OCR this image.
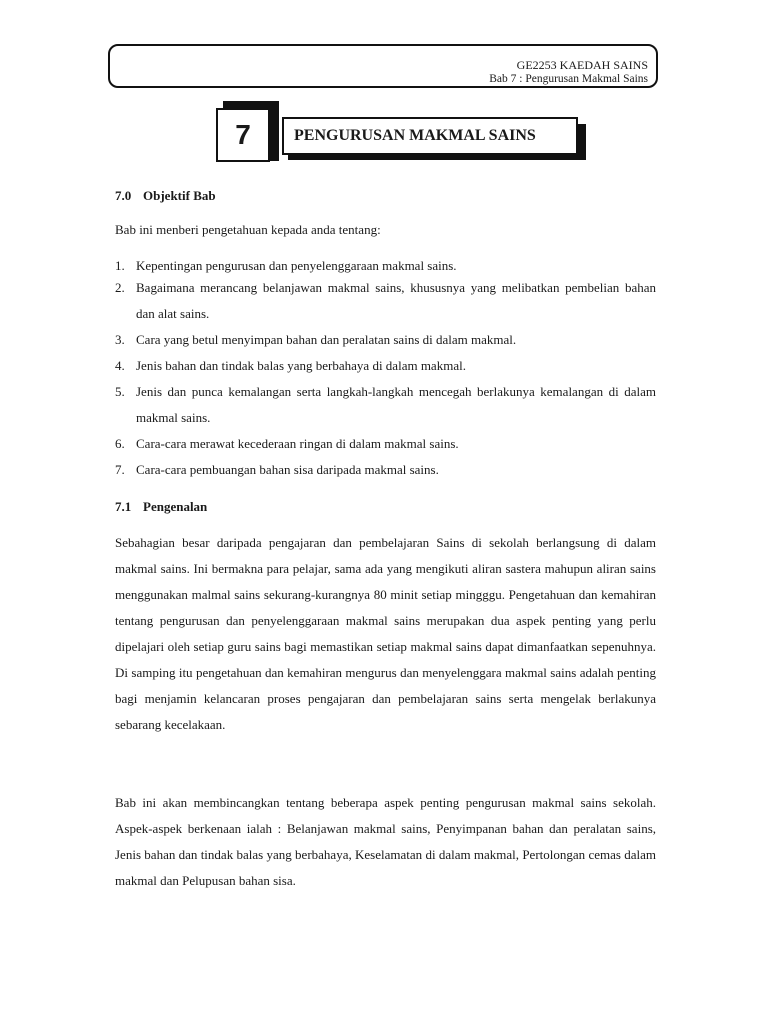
GE2253 KAEDAH SAINS
Bab 7 : Pengurusan Makmal Sains
7	PENGURUSAN MAKMAL SAINS
7.0 Objektif Bab
Bab ini menberi pengetahuan kepada anda tentang:
1. Kepentingan pengurusan dan penyelenggaraan makmal sains.
2. Bagaimana merancang belanjawan makmal sains, khususnya yang melibatkan pembelian bahan dan alat sains.
3. Cara yang betul menyimpan bahan dan peralatan sains di dalam makmal.
4. Jenis bahan dan tindak balas yang berbahaya di dalam makmal.
5. Jenis dan punca kemalangan serta langkah-langkah mencegah berlakunya kemalangan di dalam makmal sains.
6. Cara-cara merawat kecederaan ringan di dalam makmal sains.
7. Cara-cara pembuangan bahan sisa daripada makmal sains.
7.1 Pengenalan

Sebahagian besar daripada pengajaran dan pembelajaran Sains di sekolah berlangsung di dalam makmal sains. Ini bermakna para pelajar, sama ada yang mengikuti aliran sastera mahupun aliran sains menggunakan malmal sains sekurang-kurangnya 80 minit setiap mingggu. Pengetahuan dan kemahiran tentang pengurusan dan penyelenggaraan makmal sains merupakan dua aspek penting yang perlu dipelajari oleh setiap guru sains bagi memastikan setiap makmal sains dapat dimanfaatkan sepenuhnya. Di samping itu pengetahuan dan kemahiran mengurus dan menyelenggara makmal sains adalah penting bagi menjamin kelancaran proses pengajaran dan pembelajaran sains serta mengelak berlakunya sebarang kecelakaan.

Bab ini akan membincangkan tentang beberapa aspek penting pengurusan makmal sains sekolah. Aspek-aspek berkenaan ialah : Belanjawan makmal sains, Penyimpanan bahan dan peralatan sains, Jenis bahan dan tindak balas yang berbahaya, Keselamatan di dalam makmal, Pertolongan cemas dalam makmal dan Pelupusan bahan sisa.
